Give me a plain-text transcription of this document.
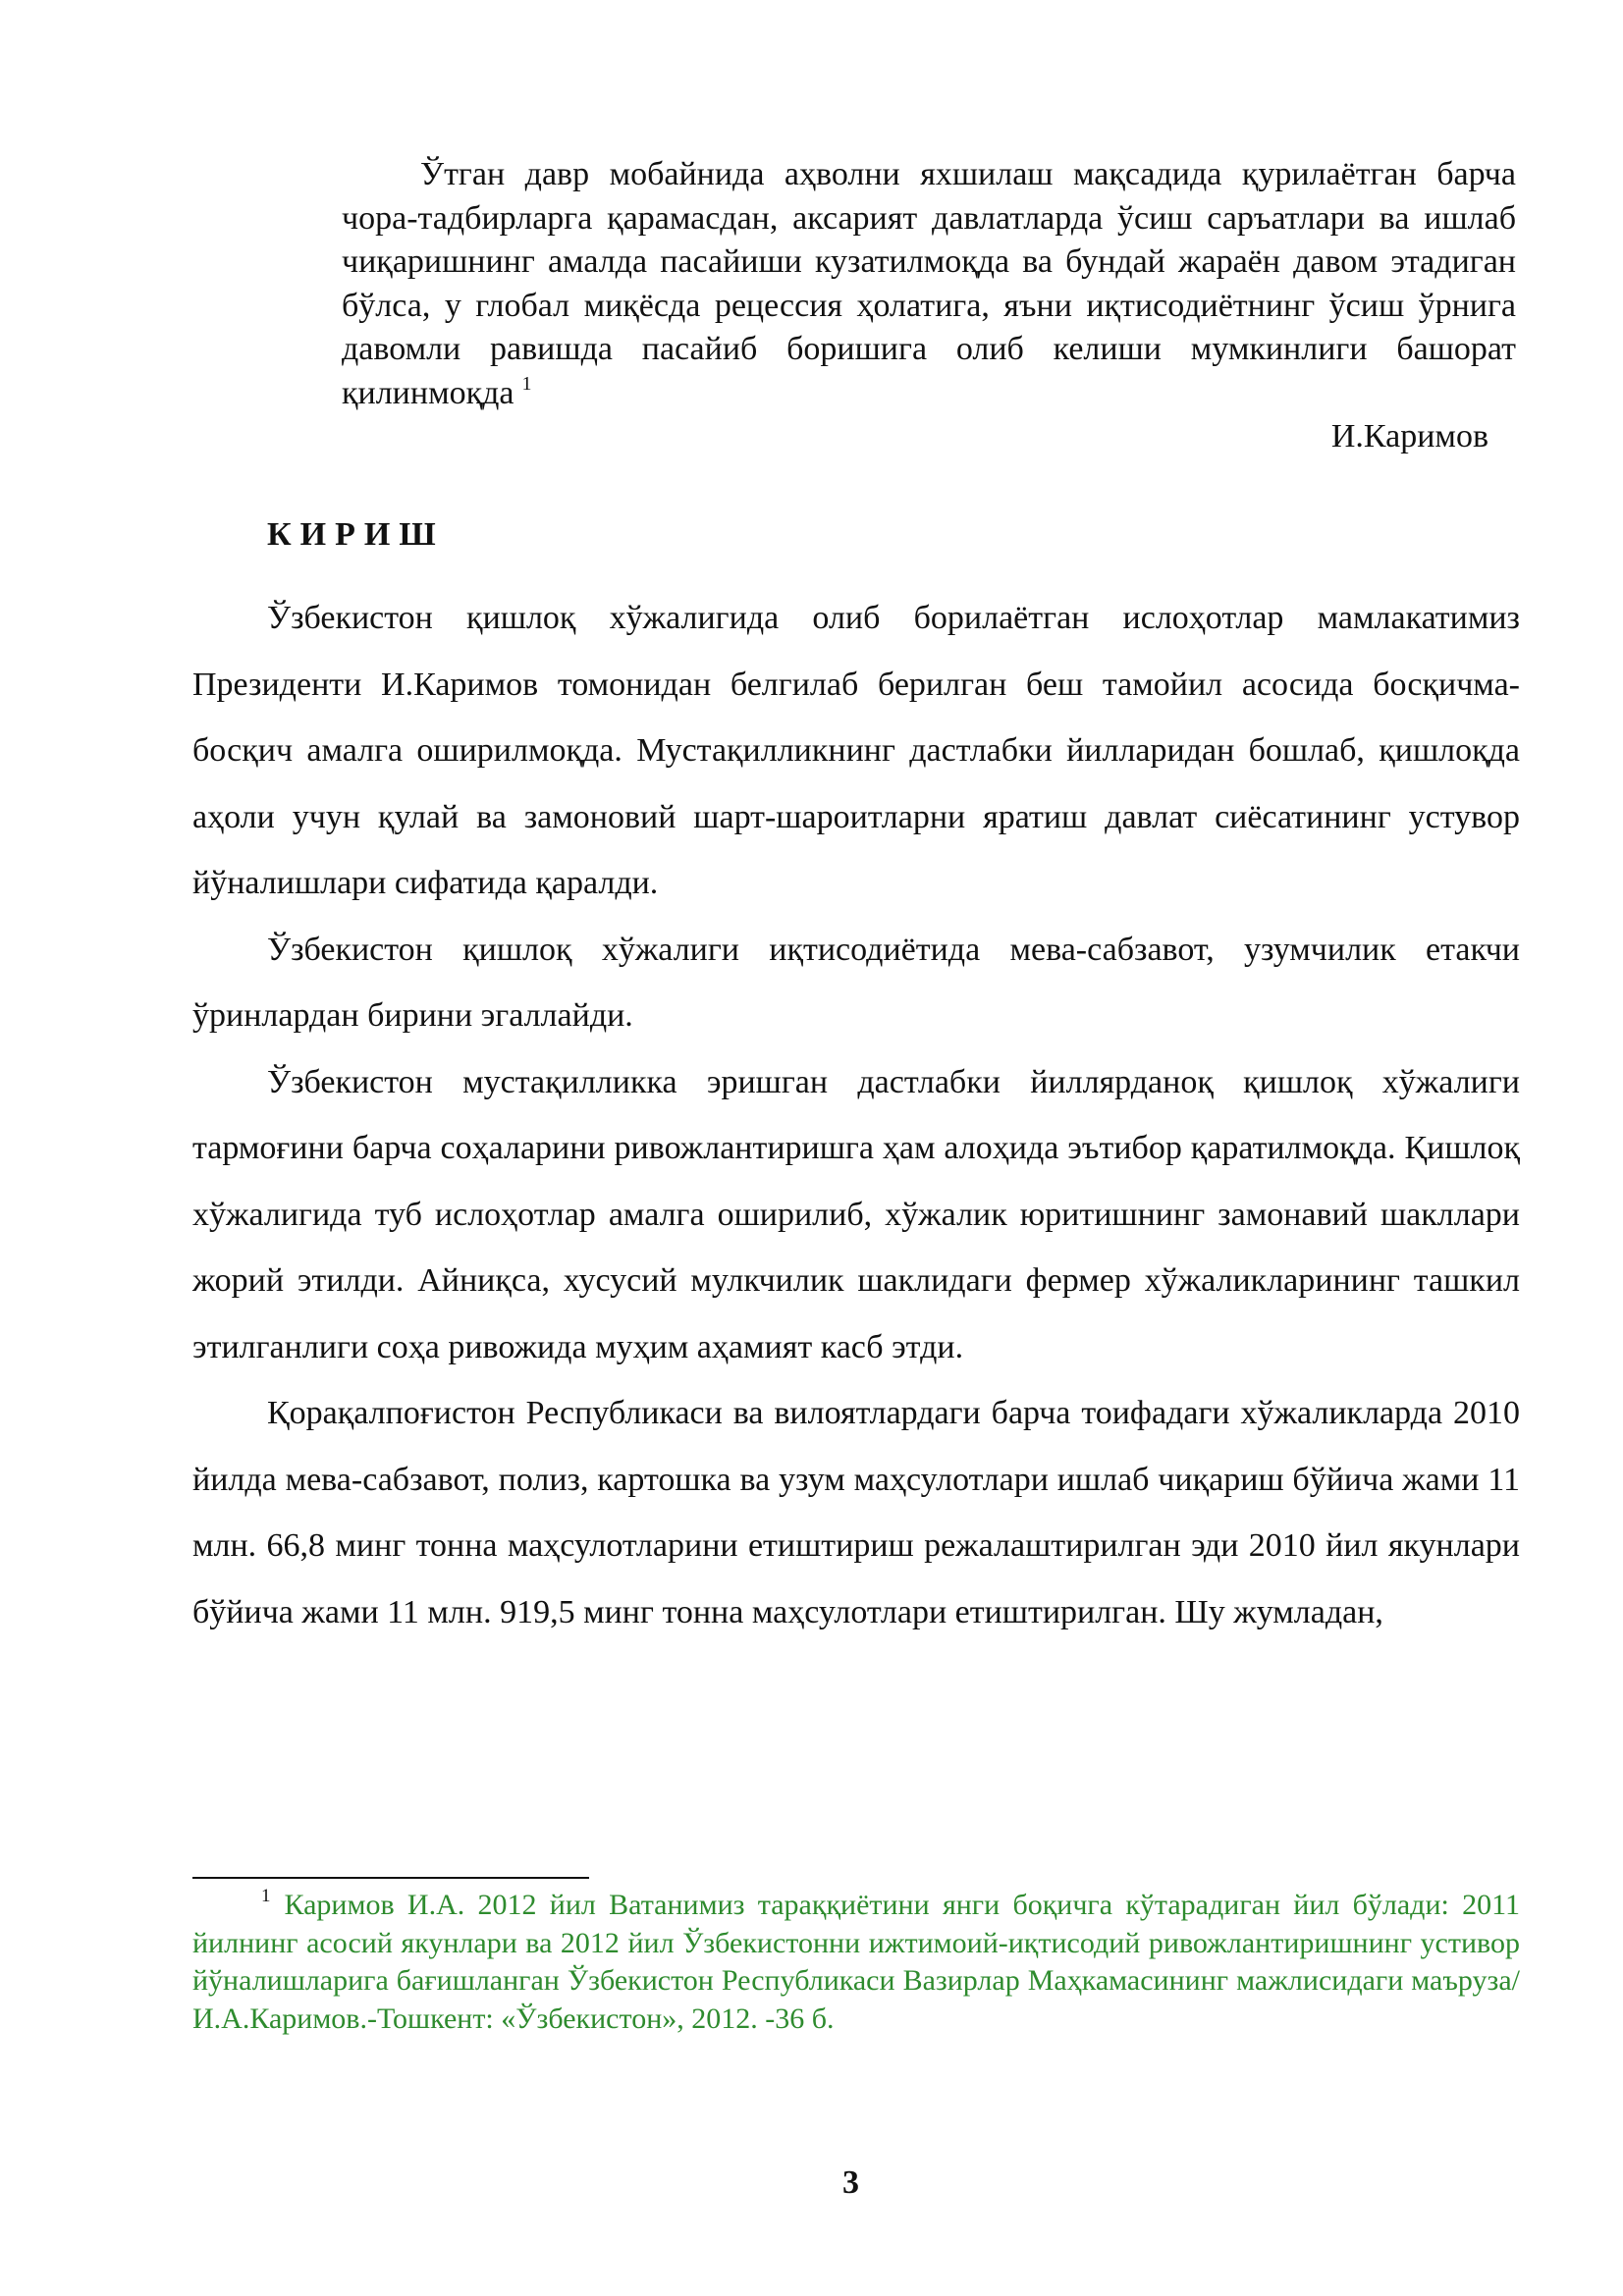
Ўтган давр мобайнида аҳволни яхшилаш мақсадида қурилаётган барча чора-тадбирларга қарамасдан, аксарият давлатларда ўсиш саръатлари ва ишлаб чиқаришнинг амалда пасайиши кузатилмоқда ва бундай жараён давом этадиган бўлса, у глобал миқёсда рецессия ҳолатига, яъни иқтисодиётнинг ўсиш ўрнига давомли равишда пасайиб боришига олиб келиши мумкинлиги башорат қилинмоқда $^1$

И.Каримов
КИРИШ

Ўзбекистон қишлоқ хўжалигида олиб борилаётган ислоҳотлар мамлакатимиз Президенти И.Каримов томонидан белгилаб берилган беш тамойил асосида босқичма-босқич амалга оширилмоқда. Мустақилликнинг дастлабки йилларидан бошлаб, қишлоқда аҳоли учун қулай ва замоновий шарт-шароитларни яратиш давлат сиёсатининг устувор йўналишлари сифатида қаралди.

Ўзбекистон қишлоқ хўжалиги иқтисодиётида мева-сабзавот, узумчилик етакчи ўринлардан бирини эгаллайди.

Ўзбекистон мустақилликка эришган дастлабки йиллярданоқ қишлоқ хўжалиги тармоғини барча соҳаларини ривожлантиришга ҳам алоҳида эътибор қаратилмоқда. Қишлоқ хўжалигида туб ислоҳотлар амалга оширилиб, хўжалик юритишнинг замонавий шакллари жорий этилди. Айниқса, хусусий мулкчилик шаклидаги фермер хўжаликларининг ташкил этилганлиги соҳа ривожида муҳим аҳамият касб этди.

Қорақалпоғистон Республикаси ва вилоятлардаги барча тоифадаги хўжаликларда 2010 йилда мева-сабзавот, полиз, картошка ва узум маҳсулотлари ишлаб чиқариш бўйича жами 11 млн. 66,8 минг тонна маҳсулотларини етиштириш режалаштирилган эди 2010 йил якунлари бўйича жами 11 млн. 919,5 минг тонна маҳсулотлари етиштирилган. Шу жумладан,

$^1$ Каримов И.А. 2012 йил Ватанимиз тараққиётини янги боқичга кўтарадиган йил бўлади: 2011 йилнинг асосий якунлари ва 2012 йил Ўзбекистонни ижтимоий-иқтисодий ривожлантиришнинг устивор йўналишларига бағишланган Ўзбекистон Республикаси Вазирлар Маҳкамасининг мажлисидаги маъруза/ И.А.Каримов.-Тошкент: «Ўзбекистон», 2012. -36 б.

3
